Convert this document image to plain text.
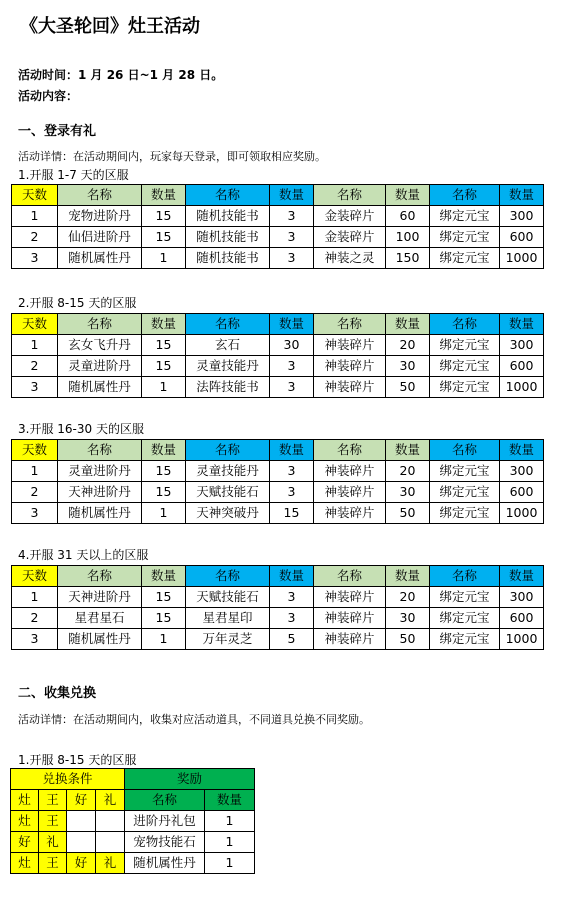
《大圣轮回》灶王活动
活动时间：1 月 26 日~1 月 28 日。
活动内容：
一、登录有礼
活动详情：在活动期间内，玩家每天登录，即可领取相应奖励。
1.开服 1-7 天的区服
天数	名称	数量	名称	数量	名称	数量	名称	数量
1	宠物进阶丹	15	随机技能书	3	金装碎片	60	绑定元宝	300
2	仙侣进阶丹	15	随机技能书	3	金装碎片	100	绑定元宝	600
3	随机属性丹	1	随机技能书	3	神装之灵	150	绑定元宝	1000
2.开服 8-15 天的区服
天数	名称	数量	名称	数量	名称	数量	名称	数量
1	玄女飞升丹	15	玄石	30	神装碎片	20	绑定元宝	300
2	灵童进阶丹	15	灵童技能丹	3	神装碎片	30	绑定元宝	600
3	随机属性丹	1	法阵技能书	3	神装碎片	50	绑定元宝	1000
3.开服 16-30 天的区服
天数	名称	数量	名称	数量	名称	数量	名称	数量
1	灵童进阶丹	15	灵童技能丹	3	神装碎片	20	绑定元宝	300
2	天神进阶丹	15	天赋技能石	3	神装碎片	30	绑定元宝	600
3	随机属性丹	1	天神突破丹	15	神装碎片	50	绑定元宝	1000
4.开服 31 天以上的区服
天数	名称	数量	名称	数量	名称	数量	名称	数量
1	天神进阶丹	15	天赋技能石	3	神装碎片	20	绑定元宝	300
2	星君星石	15	星君星印	3	神装碎片	30	绑定元宝	600
3	随机属性丹	1	万年灵芝	5	神装碎片	50	绑定元宝	1000
二、收集兑换
活动详情：在活动期间内，收集对应活动道具，不同道具兑换不同奖励。
1.开服 8-15 天的区服
兑换条件				奖励	
灶	王	好	礼	名称	数量
灶	王			进阶丹礼包	1
好	礼			宠物技能石	1
灶	王	好	礼	随机属性丹	1
